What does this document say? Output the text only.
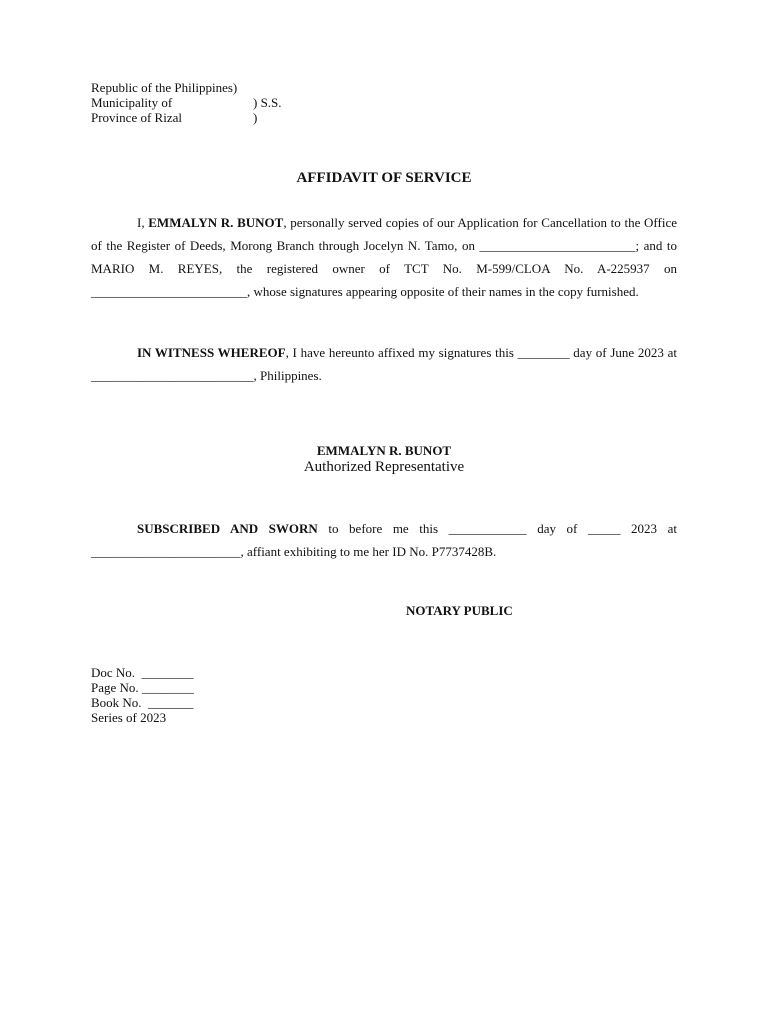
Republic of the Philippines)
Municipality of	) S.S.
Province of Rizal	)
AFFIDAVIT OF SERVICE
I, EMMALYN R. BUNOT, personally served copies of our Application for Cancellation to the Office of the Register of Deeds, Morong Branch through Jocelyn N. Tamo, on ________________________; and to MARIO M. REYES, the registered owner of TCT No. M-599/CLOA No. A-225937 on ________________________, whose signatures appearing opposite of their names in the copy furnished.
IN WITNESS WHEREOF, I have hereunto affixed my signatures this ________ day of June 2023 at _________________________, Philippines.
EMMALYN R. BUNOT
Authorized Representative
SUBSCRIBED AND SWORN to before me this ____________ day of _____ 2023 at _______________________, affiant exhibiting to me her ID No. P7737428B.
NOTARY PUBLIC
Doc No.  ________
Page No. ________
Book No.  _______
Series of 2023
